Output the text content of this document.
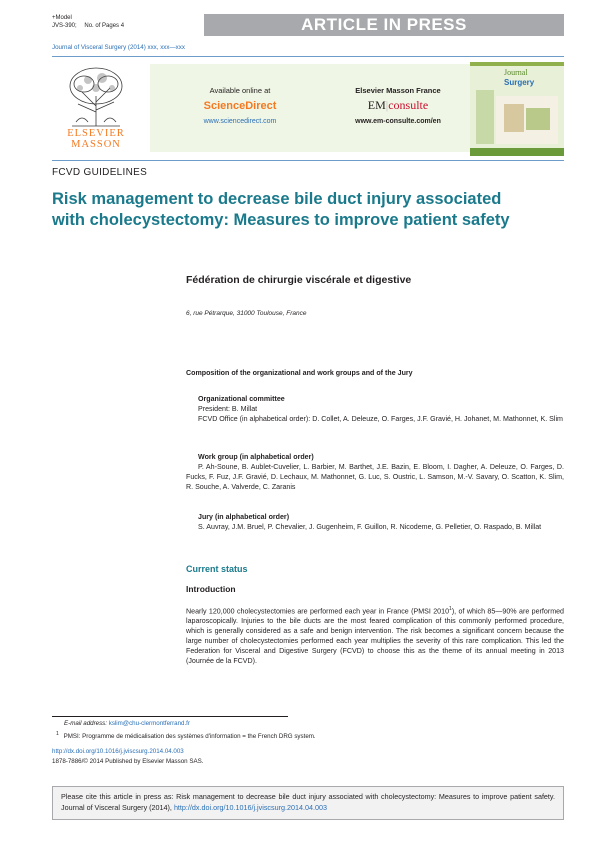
+Model
JVS-390; No. of Pages 4	ARTICLE IN PRESS
Journal of Visceral Surgery (2014) xxx, xxx—xxx
ELSEVIER
MASSON
Available online at
ScienceDirect
www.sciencedirect.com
Elsevier Masson France
EM|consulte
www.em-consulte.com/en
Journal
Surgery
FCVD GUIDELINES
Risk management to decrease bile duct injury associated with cholecystectomy: Measures to improve patient safety
Fédération de chirurgie viscérale et digestive
6, rue Pétrarque, 31000 Toulouse, France
Composition of the organizational and work groups and of the Jury
Organizational committee
President: B. Millat
FCVD Office (in alphabetical order): D. Collet, A. Deleuze, O. Farges, J.F. Gravié, H. Johanet, M. Mathonnet, K. Slim
Work group (in alphabetical order)
P. Ah-Soune, B. Aublet-Cuvelier, L. Barbier, M. Barthet, J.E. Bazin, E. Bloom, I. Dagher, A. Deleuze, O. Farges, D. Fucks, F. Fuz, J.F. Gravié, D. Lechaux, M. Mathonnet, G. Luc, S. Oustric, L. Samson, M.-V. Savary, O. Scatton, K. Slim, R. Souche, A. Valverde, C. Zaranis
Jury (in alphabetical order)
S. Auvray, J.M. Bruel, P. Chevalier, J. Gugenheim, F. Guillon, R. Nicodeme, G. Pelletier, O. Raspado, B. Millat
Current status
Introduction
Nearly 120,000 cholecystectomies are performed each year in France (PMSI 2010$^1$), of which 85—90% are performed laparoscopically. Injuries to the bile ducts are the most feared complication of this commonly performed procedure, which is generally considered as a safe and benign intervention. The risk becomes a significant concern because the large number of cholecystectomies performed each year multiplies the severity of this rare complication. This led the Federation for Visceral and Digestive Surgery (FCVD) to choose this as the theme of its annual meeting in 2013 (Journée de la FCVD).
E-mail address: kslim@chu-clermontferrand.fr
$^1$ PMSI: Programme de médicalisation des systèmes d'information = the French DRG system.
http://dx.doi.org/10.1016/j.jviscsurg.2014.04.003
1878-7886/© 2014 Published by Elsevier Masson SAS.
Please cite this article in press as: Risk management to decrease bile duct injury associated with cholecystectomy: Measures to improve patient safety. Journal of Visceral Surgery (2014), http://dx.doi.org/10.1016/j.jviscsurg.2014.04.003
